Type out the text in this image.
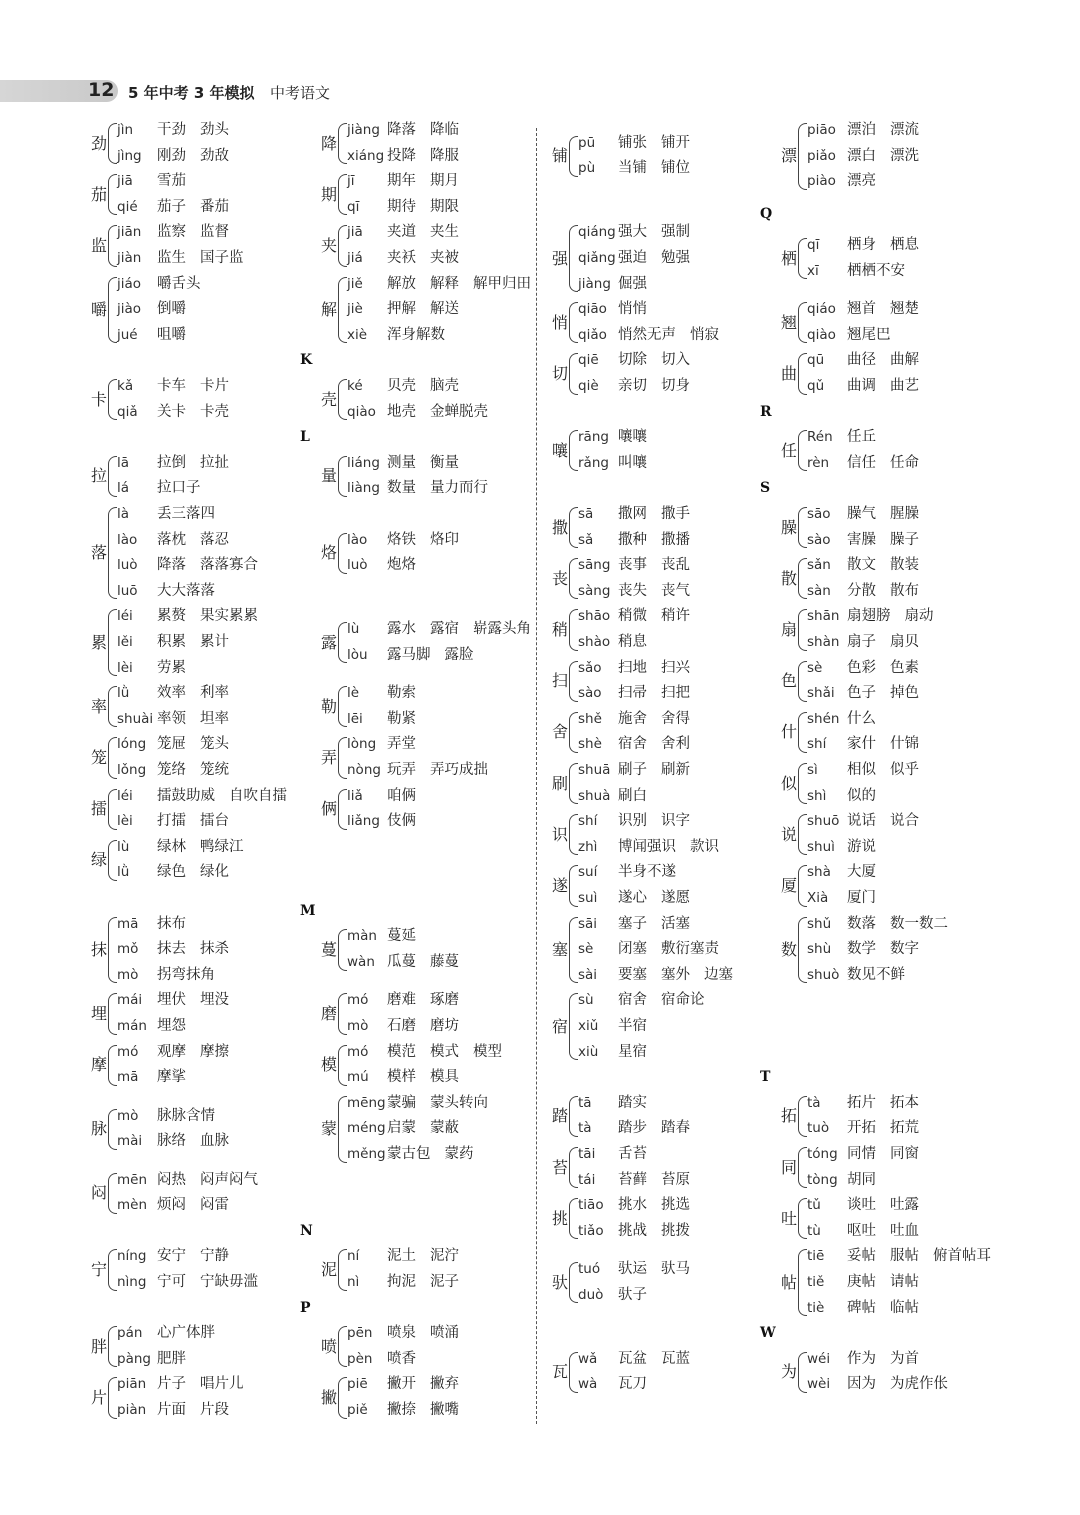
12 5 年中考 3 年模拟 中考语文
劲
jìn 干劲 劲头
jìng 刚劲 劲敌
茄
jiā 雪茄
qié 茄子 番茄
监
jiān 监察 监督
jiàn 监生 国子监
嚼
jiáo 嚼舌头
jiào 倒嚼
jué 咀嚼
卡
kǎ 卡车 卡片
qiǎ 关卡 卡壳
拉
lā 拉倒 拉扯
lá 拉口子
落
là 丢三落四
lào 落枕 落忍
luò 降落 落落寡合
luō 大大落落
累
léi 累赘 果实累累
lěi 积累 累计
lèi 劳累
率
lǜ 效率 利率
shuài 率领 坦率
笼
lóng 笼屉 笼头
lǒng 笼络 笼统
擂
léi 擂鼓助威 自吹自擂
lèi 打擂 擂台
绿
lù 绿林 鸭绿江
lǜ 绿色 绿化
抹
mā 抹布
mǒ 抹去 抹杀
mò 拐弯抹角
埋
mái 埋伏 埋没
mán 埋怨
摩
mó 观摩 摩擦
mā 摩挲
脉
mò 脉脉含情
mài 脉络 血脉
闷
mēn 闷热 闷声闷气
mèn 烦闷 闷雷
宁
níng 安宁 宁静
nìng 宁可 宁缺毋滥
胖
pán 心广体胖
pàng 肥胖
片
piān 片子 唱片儿
piàn 片面 片段
降
jiàng 降落 降临
xiáng 投降 降服
期
jī 期年 期月
qī 期待 期限
夹
jiā 夹道 夹生
jiá 夹袄 夹被
解
jiě 解放 解释 解甲归田
jiè 押解 解送
xiè 浑身解数
壳
ké 贝壳 脑壳
qiào 地壳 金蝉脱壳
量
liáng 测量 衡量
liàng 数量 量力而行
烙
lào 烙铁 烙印
luò 炮烙
露
lù 露水 露宿 崭露头角
lòu 露马脚 露脸
勒
lè 勒索
lēi 勒紧
弄
lòng 弄堂
nòng 玩弄 弄巧成拙
俩
liǎ 咱俩
liǎng 伎俩
蔓
màn 蔓延
wàn 瓜蔓 藤蔓
磨
mó 磨难 琢磨
mò 石磨 磨坊
模
mó 模范 模式 模型
mú 模样 模具
蒙
mēng蒙骗 蒙头转向
méng启蒙 蒙蔽
měng蒙古包 蒙药
泥
ní 泥土 泥泞
nì 拘泥 泥子
喷
pēn 喷泉 喷涌
pèn 喷香
撇
piē 撇开 撇弃
piě 撇捺 撇嘴
K
L
M
N
P
铺
pū 铺张 铺开
pù 当铺 铺位
强
qiáng 强大 强制
qiǎng 强迫 勉强
jiàng 倔强
悄
qiāo 悄悄
qiǎo 悄然无声 悄寂
切
qiē 切除 切入
qiè 亲切 切身
嚷
rāng 嚷嚷
rǎng 叫嚷
撒
sā 撒网 撒手
sǎ 撒种 撒播
丧
sāng 丧事 丧乱
sàng 丧失 丧气
稍
shāo 稍微 稍许
shào 稍息
扫
sǎo 扫地 扫兴
sào 扫帚 扫把
舍
shě 施舍 舍得
shè 宿舍 舍利
刷
shuā 刷子 刷新
shuà 刷白
识
shí 识别 识字
zhì 博闻强识 款识
遂
suí 半身不遂
suì 遂心 遂愿
塞
sāi 塞子 活塞
sè 闭塞 敷衍塞责
sài 要塞 塞外 边塞
宿
sù 宿舍 宿命论
xiǔ 半宿
xiù 星宿
踏
tā 踏实
tà 踏步 踏春
苔
tāi 舌苔
tái 苔藓 苔原
挑
tiāo 挑水 挑选
tiǎo 挑战 挑拨
驮
tuó 驮运 驮马
duò 驮子
瓦
wǎ 瓦盆 瓦蓝
wà 瓦刀
漂
piāo 漂泊 漂流
piǎo 漂白 漂洗
piào 漂亮
栖
qī 栖身 栖息
xī 栖栖不安
翘
qiáo 翘首 翘楚
qiào 翘尾巴
曲
qū 曲径 曲解
qǔ 曲调 曲艺
任
Rén 任丘
rèn 信任 任命
臊
sāo 臊气 腥臊
sào 害臊 臊子
散
sǎn 散文 散装
sàn 分散 散布
扇
shān 扇翅膀 扇动
shàn 扇子 扇贝
色
sè 色彩 色素
shǎi 色子 掉色
什
shén 什么
shí 家什 什锦
似
sì 相似 似乎
shì 似的
说
shuō 说话 说合
shuì 游说
厦
shà 大厦
Xià 厦门
数
shǔ 数落 数一数二
shù 数学 数字
shuò 数见不鲜
拓
tà 拓片 拓本
tuò 开拓 拓荒
同
tóng 同情 同窗
tòng 胡同
吐
tǔ 谈吐 吐露
tù 呕吐 吐血
帖
tiē 妥帖 服帖 俯首帖耳
tiě 庚帖 请帖
tiè 碑帖 临帖
为
wéi 作为 为首
wèi 因为 为虎作伥
Q
R
S
T
W
